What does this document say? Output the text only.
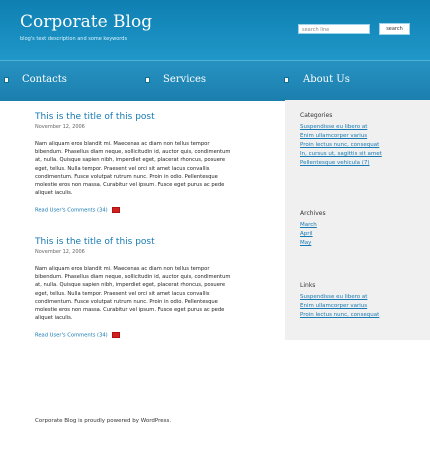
Corporate Blog
blog's text description and some keywords
search line	search
Contacts	Services	About Us
This is the title of this post
November 12, 2006
Nam aliquam eros blandit mi. Maecenas ac diam non tellus tempor bibendum. Phasellus diam neque, sollicitudin id, auctor quis, condimentum at, nulla. Quisque sapien nibh, imperdiet eget, placerat rhoncus, posuere eget, tellus. Nulla tempor. Praesent vel orci sit amet lacus convallis condimentum. Fusce volutpat rutrum nunc. Proin in odio. Pellentesque molestie eros non massa. Curabitur vel ipsum. Fusce eget purus ac pede aliquet iaculis.
Read User's Comments (34)
This is the title of this post
November 12, 2006
Nam aliquam eros blandit mi. Maecenas ac diam non tellus tempor bibendum. Phasellus diam neque, sollicitudin id, auctor quis, condimentum at, nulla. Quisque sapien nibh, imperdiet eget, placerat rhoncus, posuere eget, tellus. Nulla tempor. Praesent vel orci sit amet lacus convallis condimentum. Fusce volutpat rutrum nunc. Proin in odio. Pellentesque molestie eros non massa. Curabitur vel ipsum. Fusce eget purus ac pede aliquet iaculis.
Read User's Comments (34)
Categories
Suspendisse eu libero at
Enim ullamcorper varius
Proin lectus nunc, consequat
In, cursus ut, sagittis sit amet
Pellentesque vehicula (7)
Archives
March
April
May
Links
Suspendisse eu libero at
Enim ullamcorper varius
Proin lectus nunc, consequat
Corporate Blog is proudly powered by WordPress.
